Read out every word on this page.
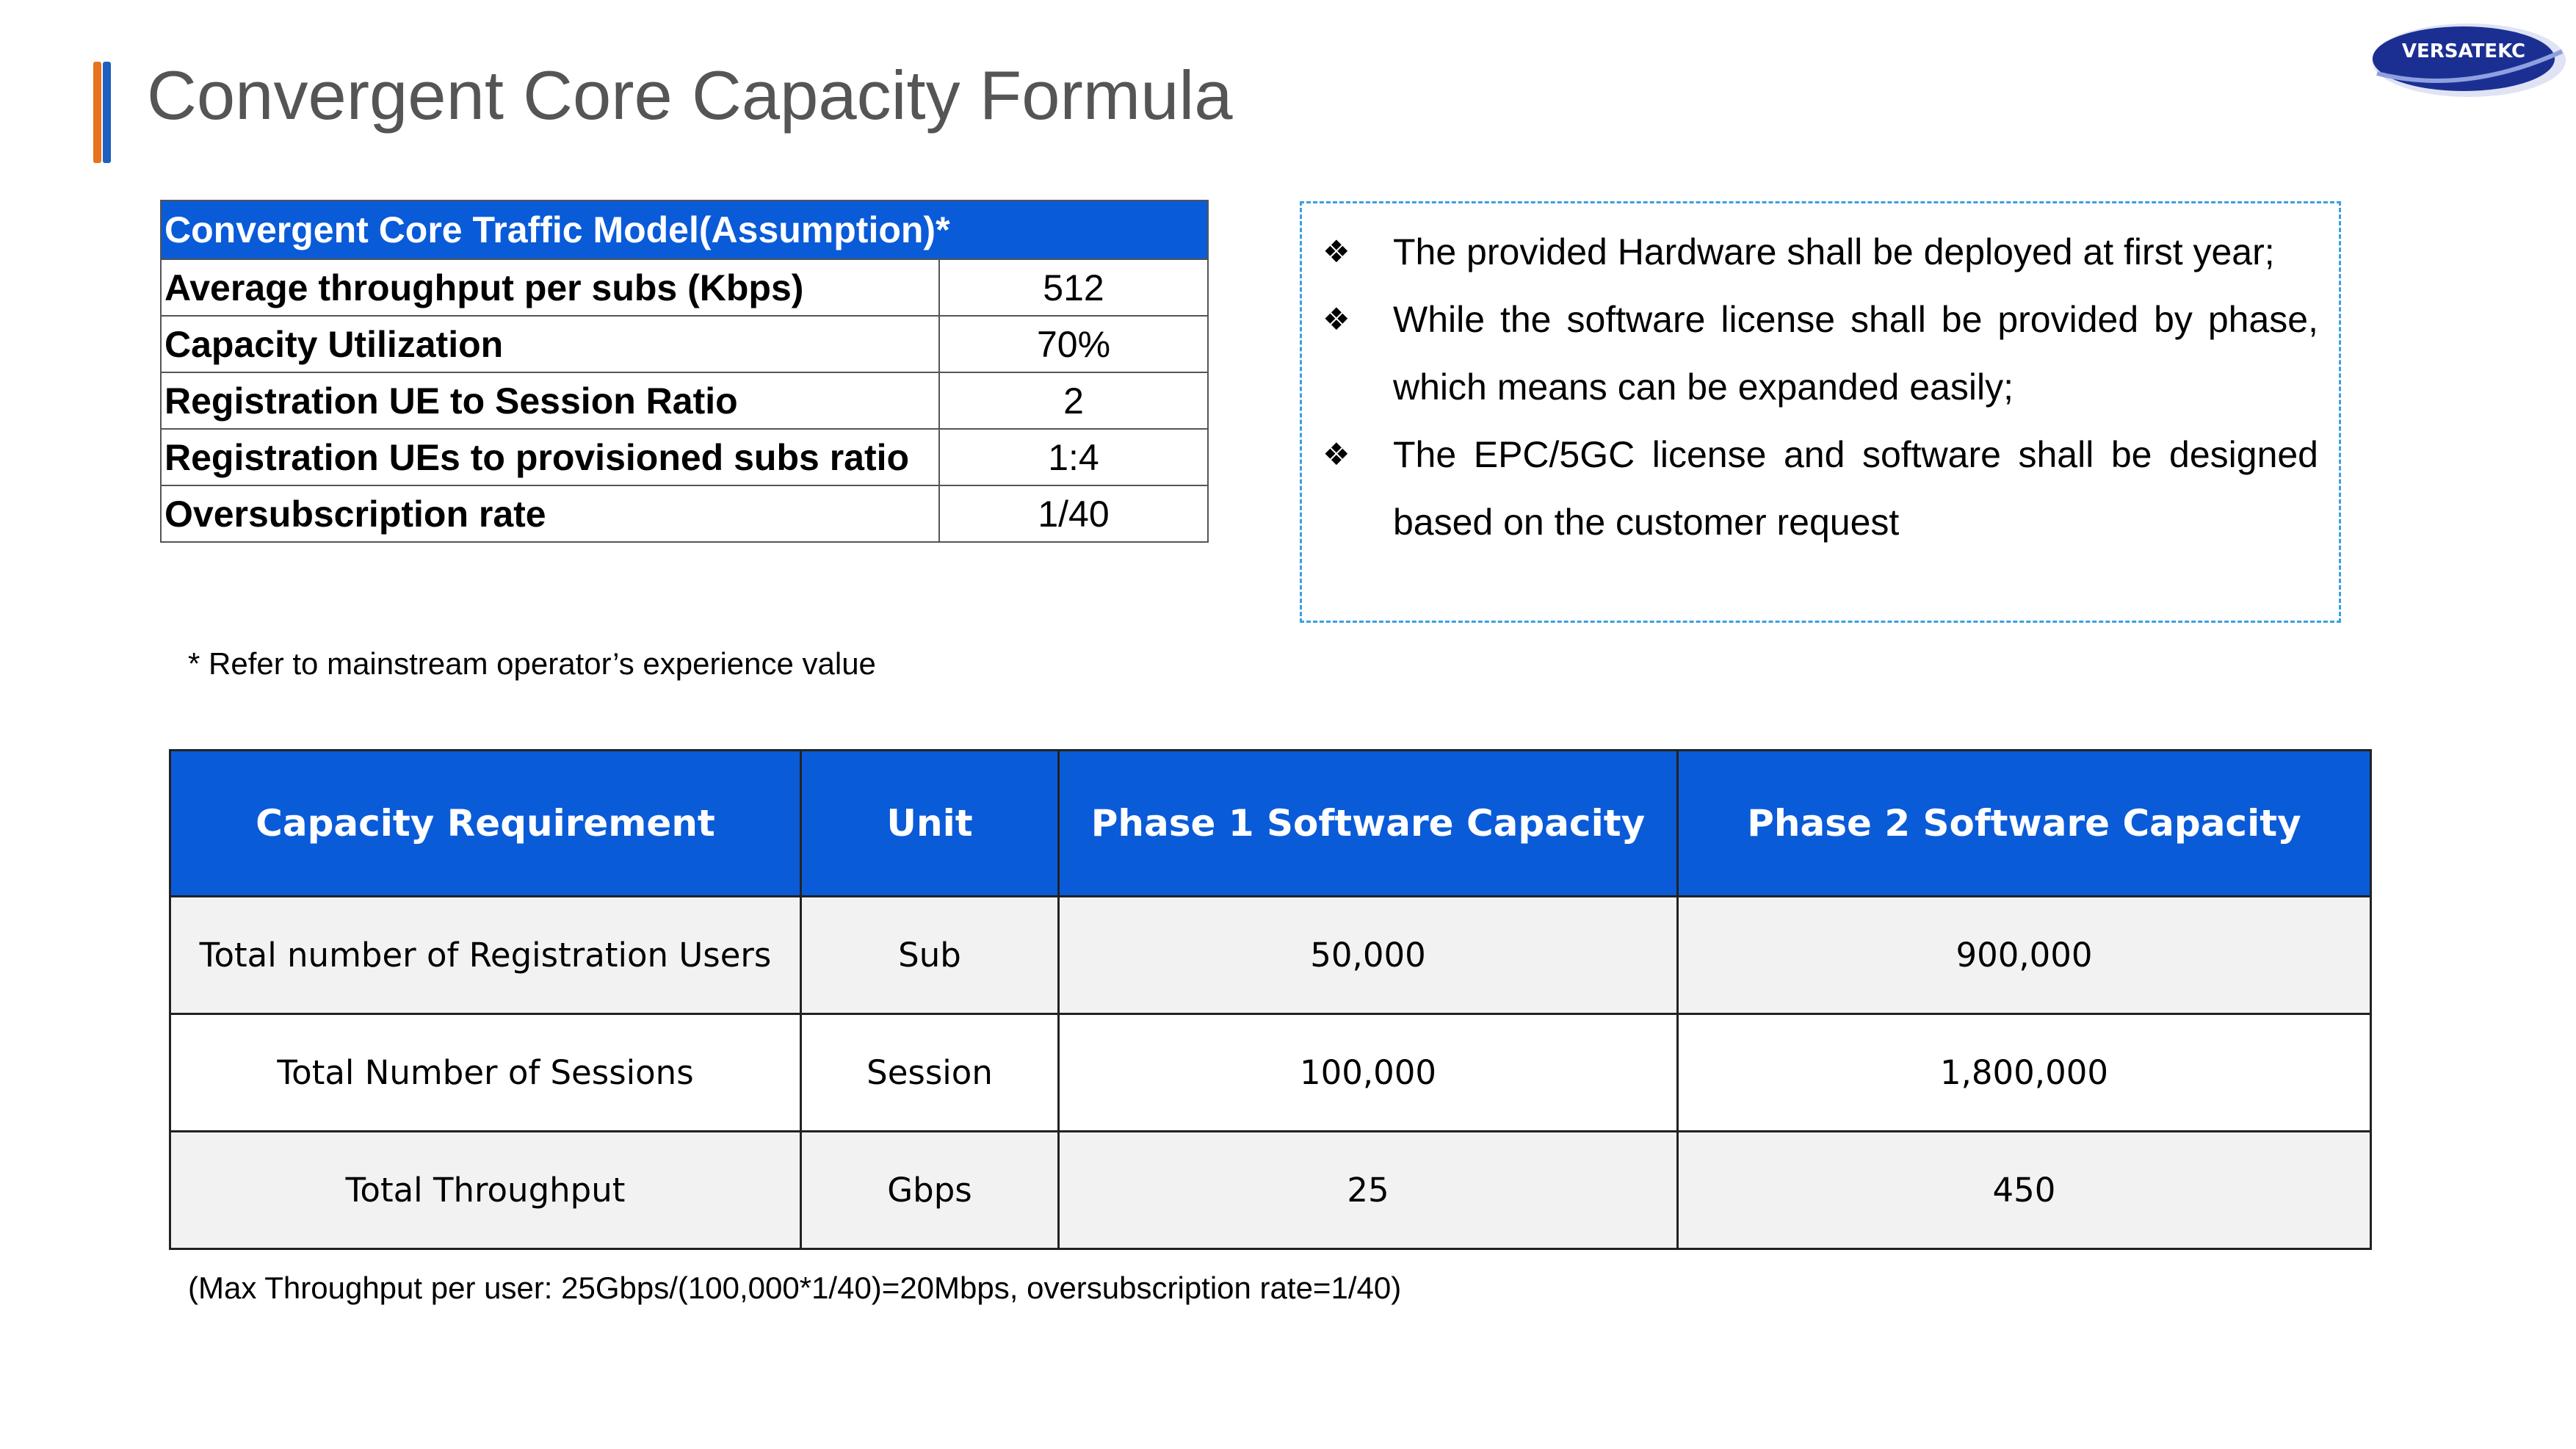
Convergent Core Capacity Formula
VERSATEKC
Convergent Core Traffic Model(Assumption)*	
Average throughput per subs (Kbps)	512
Capacity Utilization	70%
Registration UE to Session Ratio	2
Registration UEs to provisioned subs ratio	1:4
Oversubscription rate	1/40
❖	The provided Hardware shall be deployed at first year;
❖	While the software license shall be provided by phase, which means can be expanded easily;
❖	The EPC/5GC license and software shall be designed based on the customer request
* Refer to mainstream operator’s experience value
Capacity Requirement	Unit	Phase 1 Software Capacity	Phase 2 Software Capacity
Total number of Registration Users	Sub	50,000	900,000
Total Number of Sessions	Session	100,000	1,800,000
Total Throughput	Gbps	25	450
(Max Throughput per user: 25Gbps/(100,000*1/40)=20Mbps, oversubscription rate=1/40)
